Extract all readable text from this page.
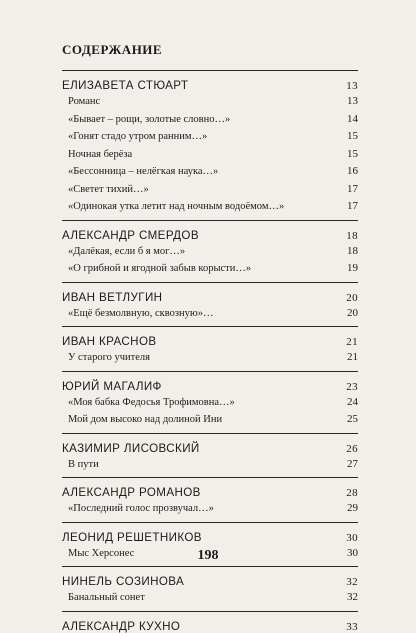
СОДЕРЖАНИЕ
ЕЛИЗАВЕТА СТЮАРТ	13
Романс	13
«Бывает – рощи, золотые словно…»	14
«Гонят стадо утром ранним…»	15
Ночная берёза	15
«Бессонница – нелёгкая наука…»	16
«Светет тихий…»	17
«Одинокая утка летит над ночным водоёмом…»	17
АЛЕКСАНДР СМЕРДОВ	18
«Далёкая, если б я мог…»	18
«О грибной и ягодной забыв корысти…»	19
ИВАН ВЕТЛУГИН	20
«Ещё безмолвную, сквозную»…	20
ИВАН КРАСНОВ	21
У старого учителя	21
ЮРИЙ МАГАЛИФ	23
«Моя бабка Федосья Трофимовна…»	24
Мой дом высоко над долиной Ини	25
КАЗИМИР ЛИСОВСКИЙ	26
В пути	27
АЛЕКСАНДР РОМАНОВ	28
«Последний голос прозвучал…»	29
ЛЕОНИД РЕШЕТНИКОВ	30
Мыс Херсонес	30
НИНЕЛЬ СОЗИНОВА	32
Банальный сонет	32
АЛЕКСАНДР КУХНО	33
198
